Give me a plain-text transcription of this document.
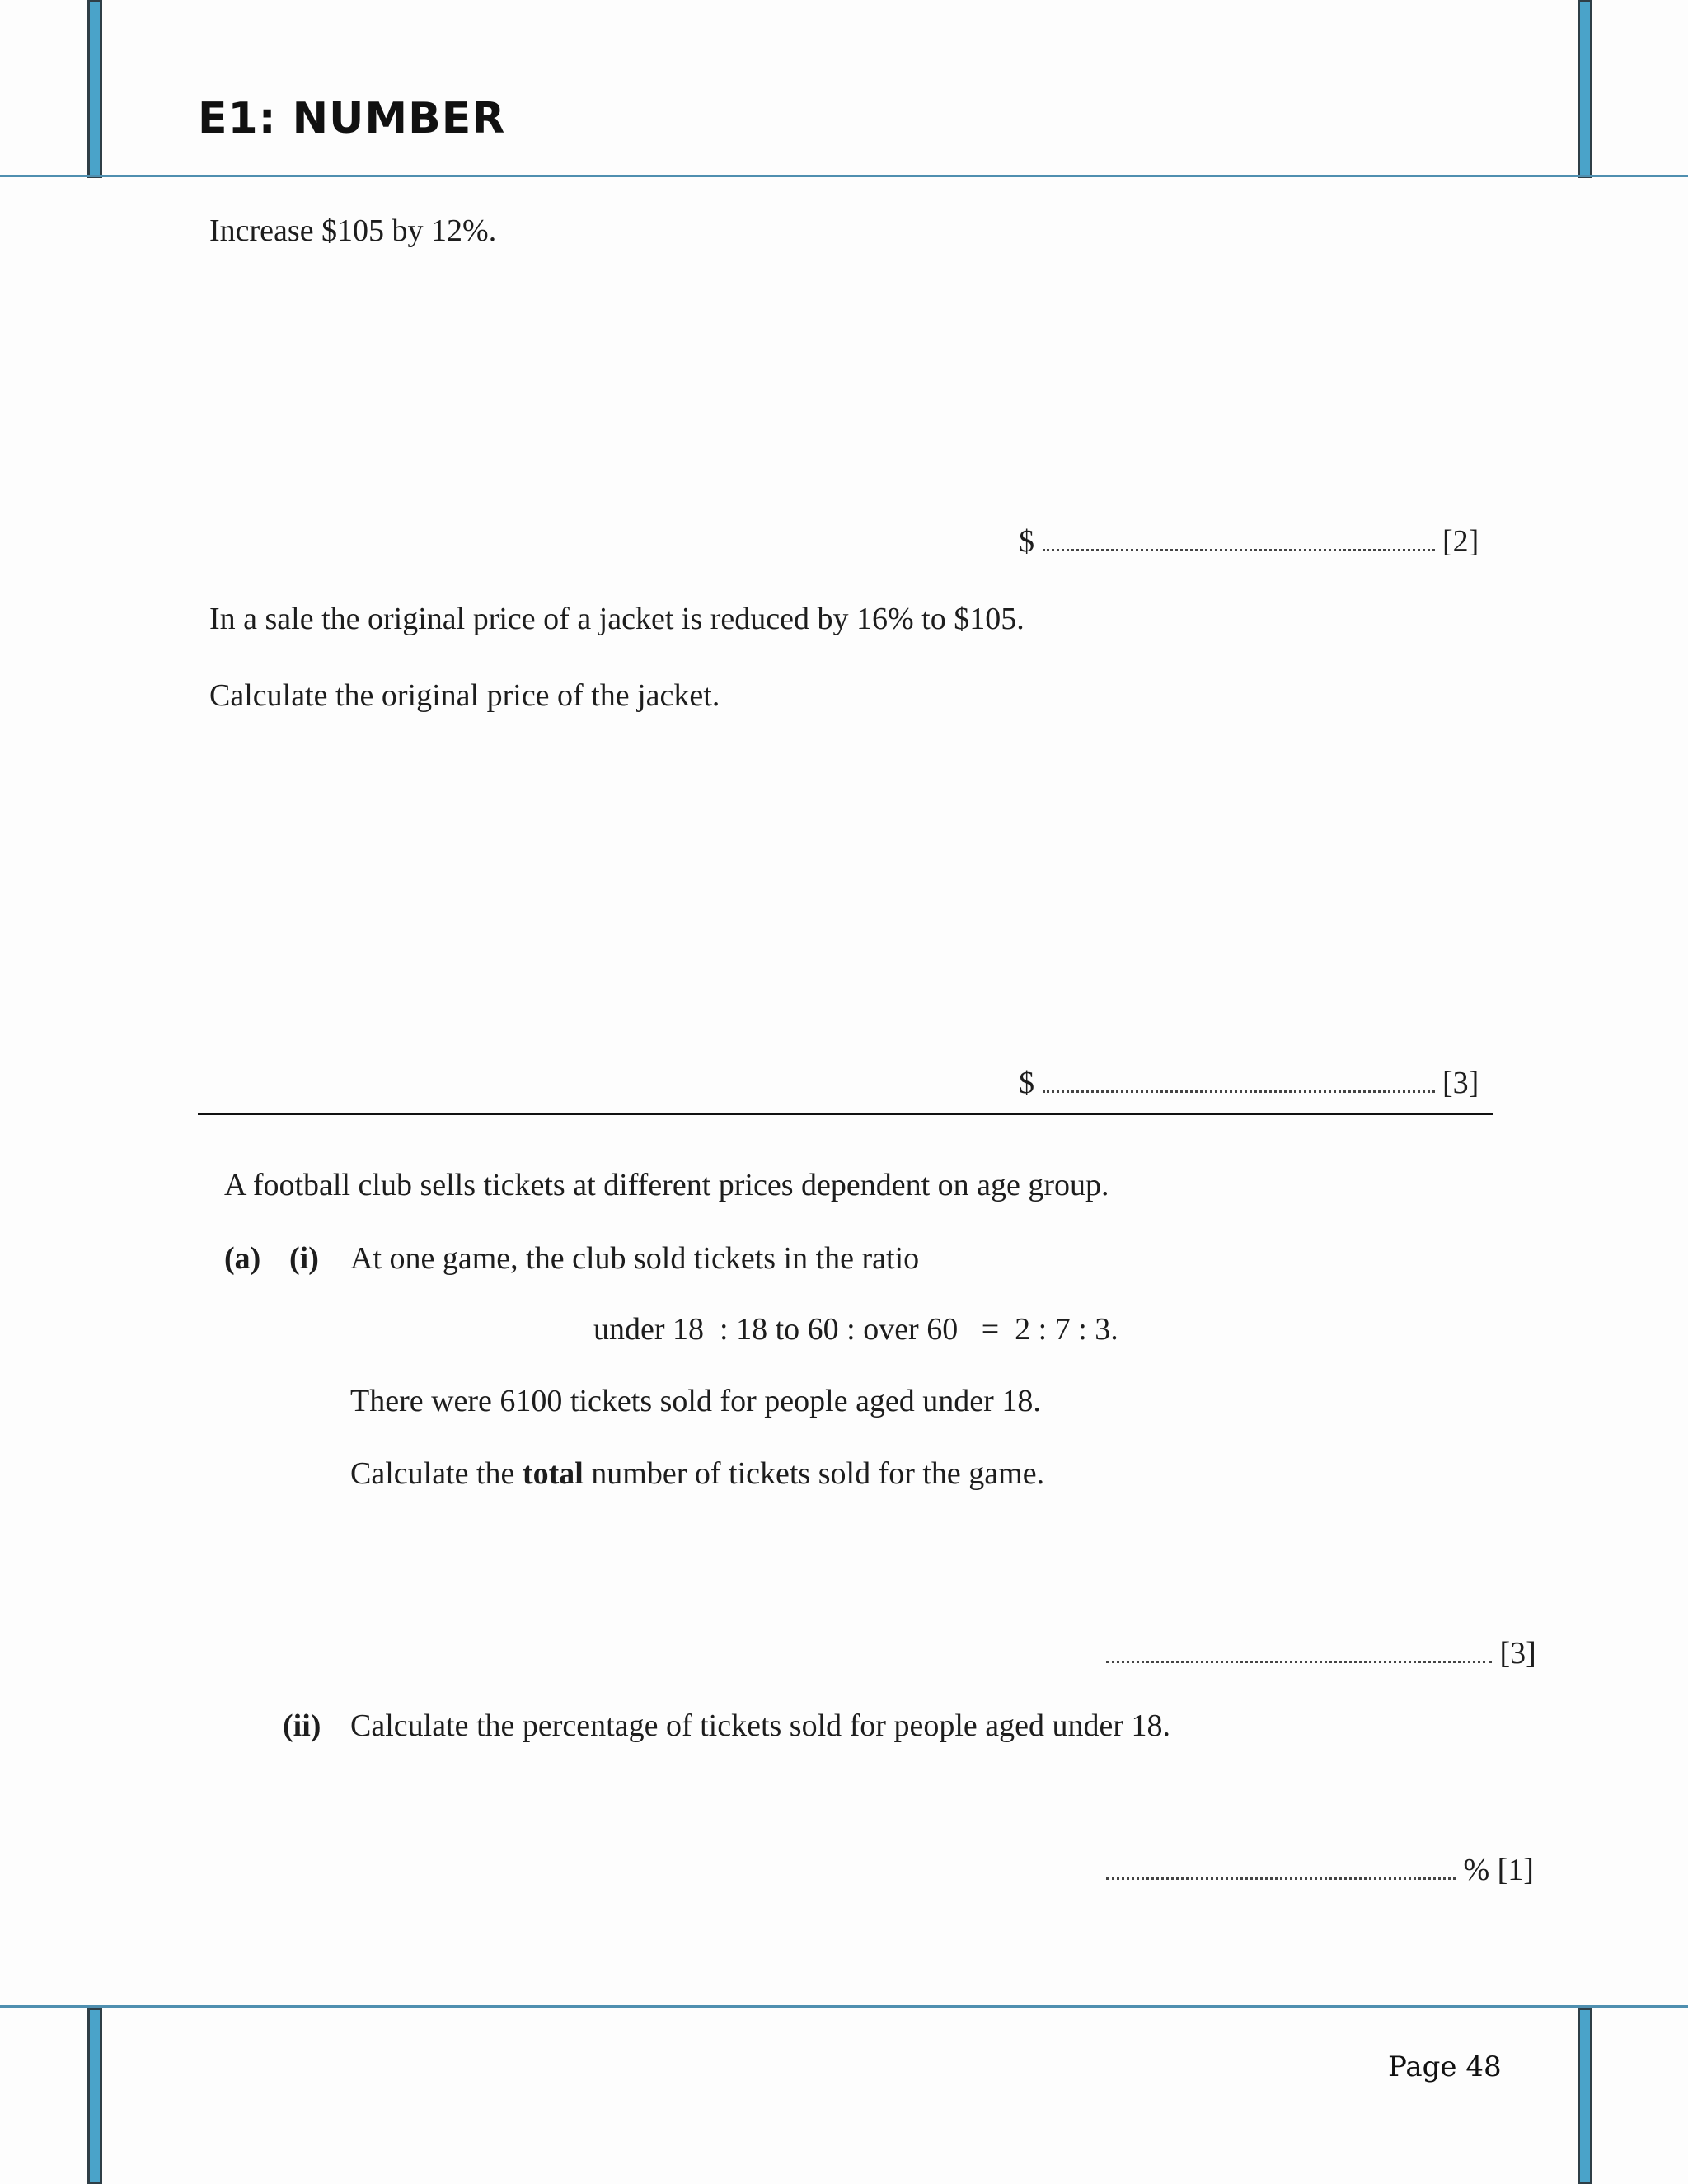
E1: NUMBER
Increase $105 by 12%.
$	[2]
In a sale the original price of a jacket is reduced by 16% to $105.
Calculate the original price of the jacket.
$	[3]
A football club sells tickets at different prices dependent on age group.
(a) (i) At one game, the club sold tickets in the ratio
under 18  : 18 to 60 : over 60   =  2 : 7 : 3.
There were 6100 tickets sold for people aged under 18.
Calculate the total number of tickets sold for the game.
[3]
(ii) Calculate the percentage of tickets sold for people aged under 18.
% [1]
Page 48
